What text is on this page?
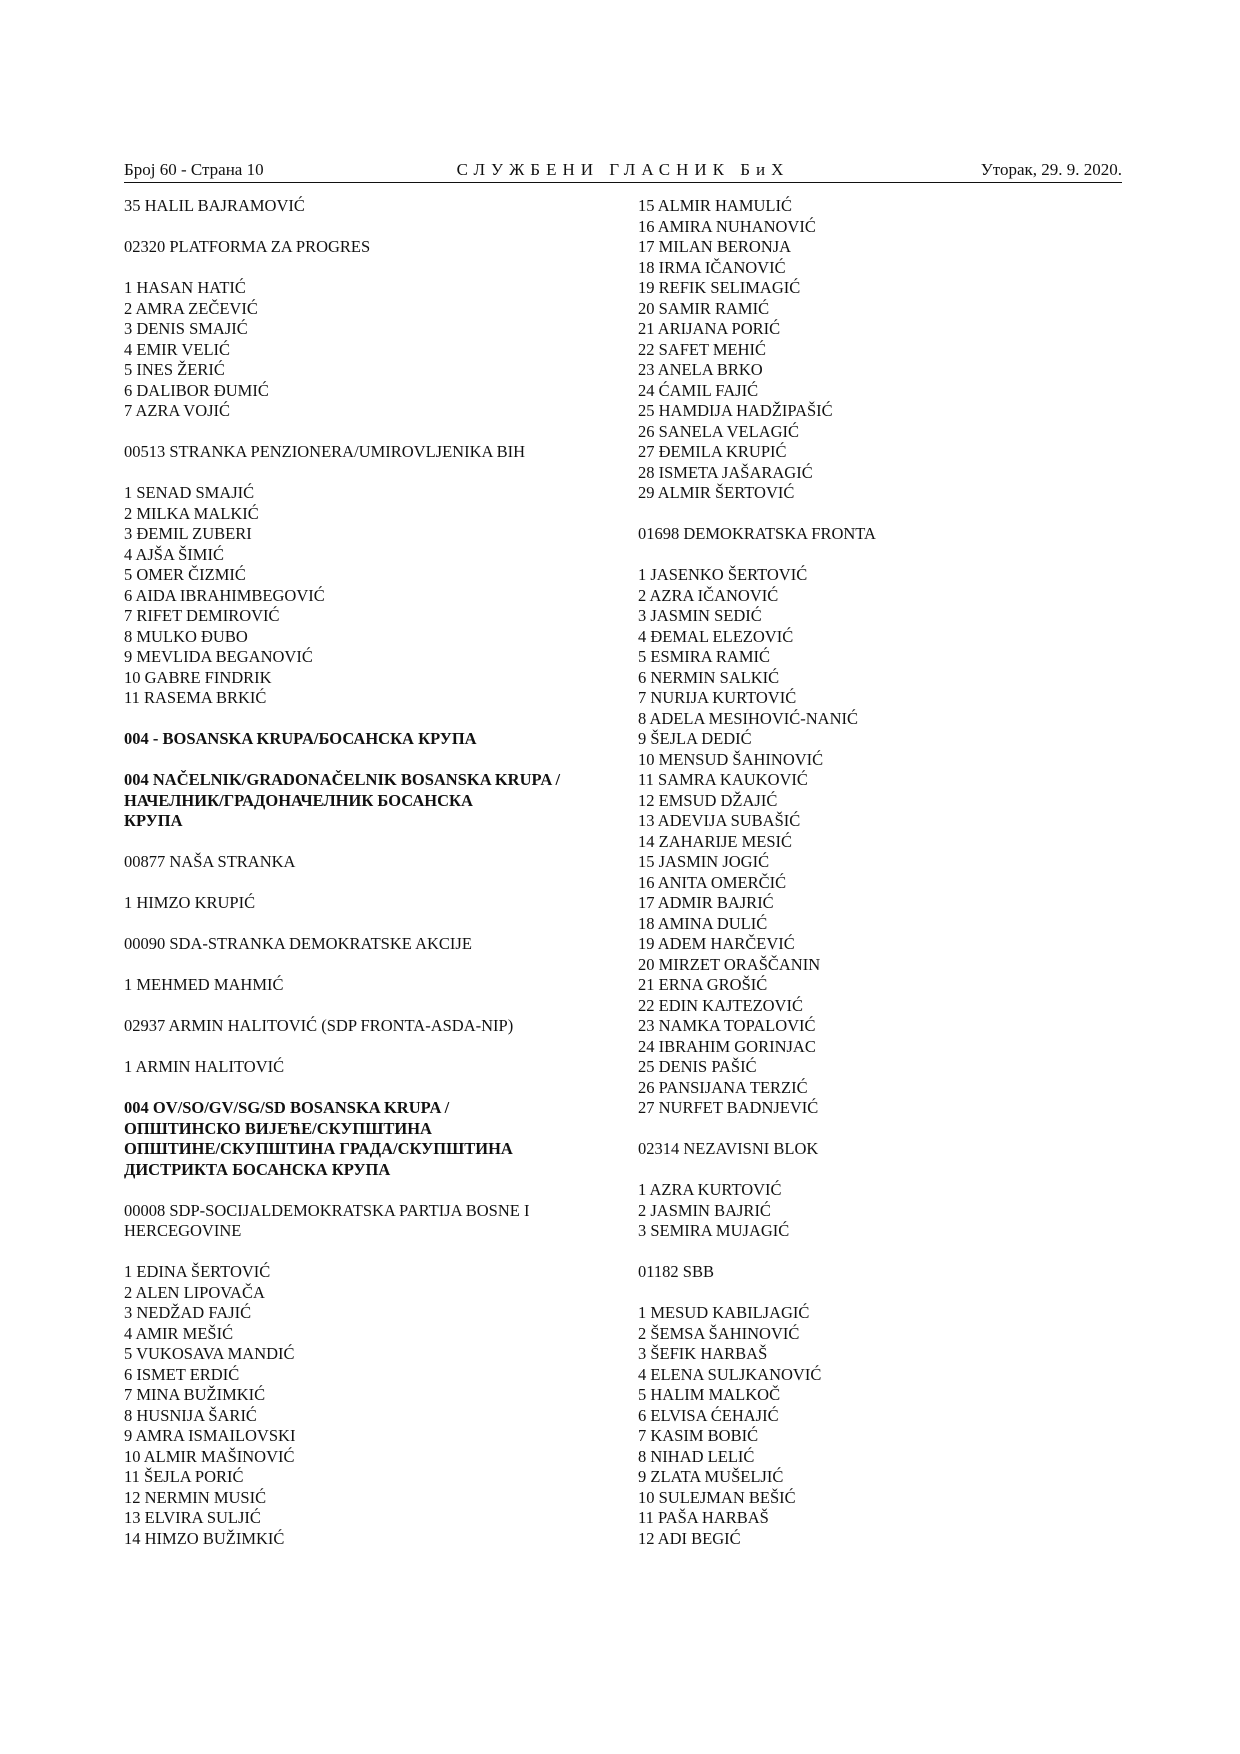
Број 60 - Страна 10	СЛУЖБЕНИ ГЛАСНИК БиХ	Уторак, 29. 9. 2020.
35 HALIL BAJRAMOVIĆ
02320 PLATFORMA ZA PROGRES
1 HASAN HATIĆ
2 AMRA ZEČEVIĆ
3 DENIS SMAJIĆ
4 EMIR VELIĆ
5 INES ŽERIĆ
6 DALIBOR ĐUMIĆ
7 AZRA VOJIĆ
00513 STRANKA PENZIONERA/UMIROVLJENIKA BIH
1 SENAD SMAJIĆ
2 MILKA MALKIĆ
3 ĐEMIL ZUBERI
4 AJŠA ŠIMIĆ
5 OMER ČIZMIĆ
6 AIDA IBRAHIMBEGOVIĆ
7 RIFET DEMIROVIĆ
8 MULKO ĐUBO
9 MEVLIDA BEGANOVIĆ
10 GABRE FINDRIK
11 RASEMA BRKIĆ
004 - BOSANSKA KRUPA/БОСАНСКА КРУПА
004 NAČELNIK/GRADONAČELNIK BOSANSKA KRUPA /
НАЧЕЛНИК/ГРАДОНАЧЕЛНИК БОСАНСКА
КРУПА
00877 NAŠA STRANKA
1 HIMZO KRUPIĆ
00090 SDA-STRANKA DEMOKRATSKE AKCIJE
1 MEHMED MAHMIĆ
02937 ARMIN HALITOVIĆ (SDP FRONTA-ASDA-NIP)
1 ARMIN HALITOVIĆ
004 OV/SO/GV/SG/SD BOSANSKA KRUPA /
ОПШТИНСКО ВИЈЕЋЕ/СКУПШТИНА
ОПШТИНЕ/СКУПШТИНА ГРАДА/СКУПШТИНА
ДИСТРИКТА БОСАНСКА КРУПА
00008 SDP-SOCIJALDEMOKRATSKA PARTIJA BOSNE I
HERCEGOVINE
1 EDINA ŠERTOVIĆ
2 ALEN LIPOVAČA
3 NEDŽAD FAJIĆ
4 AMIR MEŠIĆ
5 VUKOSAVA MANDIĆ
6 ISMET ERDIĆ
7 MINA BUŽIMKIĆ
8 HUSNIJA ŠARIĆ
9 AMRA ISMAILOVSKI
10 ALMIR MAŠINOVIĆ
11 ŠEJLA PORIĆ
12 NERMIN MUSIĆ
13 ELVIRA SULJIĆ
14 HIMZO BUŽIMKIĆ
15 ALMIR HAMULIĆ
16 AMIRA NUHANOVIĆ
17 MILAN BERONJA
18 IRMA IČANOVIĆ
19 REFIK SELIMAGIĆ
20 SAMIR RAMIĆ
21 ARIJANA PORIĆ
22 SAFET MEHIĆ
23 ANELA BRKO
24 ĆAMIL FAJIĆ
25 HAMDIJA HADŽIPAŠIĆ
26 SANELA VELAGIĆ
27 ĐEMILA KRUPIĆ
28 ISMETA JAŠARAGIĆ
29 ALMIR ŠERTOVIĆ
01698 DEMOKRATSKA FRONTA
1 JASENKO ŠERTOVIĆ
2 AZRA IČANOVIĆ
3 JASMIN SEDIĆ
4 ĐEMAL ELEZOVIĆ
5 ESMIRA RAMIĆ
6 NERMIN SALKIĆ
7 NURIJA KURTOVIĆ
8 ADELA MESIHOVIĆ-NANIĆ
9 ŠEJLA DEDIĆ
10 MENSUD ŠAHINOVIĆ
11 SAMRA KAUKOVIĆ
12 EMSUD DŽAJIĆ
13 ADEVIJA SUBAŠIĆ
14 ZAHARIJE MESIĆ
15 JASMIN JOGIĆ
16 ANITA OMERČIĆ
17 ADMIR BAJRIĆ
18 AMINA DULIĆ
19 ADEM HARČEVIĆ
20 MIRZET ORAŠČANIN
21 ERNA GROŠIĆ
22 EDIN KAJTEZOVIĆ
23 NAMKA TOPALOVIĆ
24 IBRAHIM GORINJAC
25 DENIS PAŠIĆ
26 PANSIJANA TERZIĆ
27 NURFET BADNJEVIĆ
02314 NEZAVISNI BLOK
1 AZRA KURTOVIĆ
2 JASMIN BAJRIĆ
3 SEMIRA MUJAGIĆ
01182 SBB
1 MESUD KABILJAGIĆ
2 ŠEMSA ŠAHINOVIĆ
3 ŠEFIK HARBAŠ
4 ELENA SULJKANOVIĆ
5 HALIM MALKOČ
6 ELVISA ĆEHAJIĆ
7 KASIM BOBIĆ
8 NIHAD LELIĆ
9 ZLATA MUŠELJIĆ
10 SULEJMAN BEŠIĆ
11 PAŠA HARBAŠ
12 ADI BEGIĆ
